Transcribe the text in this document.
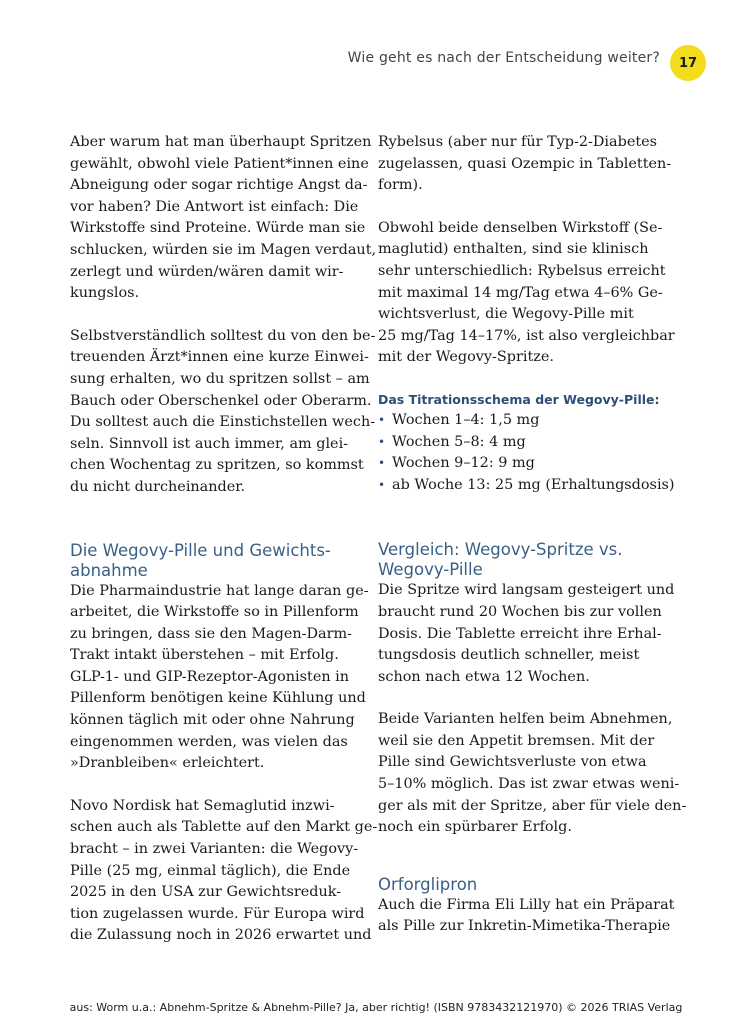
Wie geht es nach der Entscheidung weiter?	17

Aber warum hat man überhaupt Spritzen
gewählt, obwohl viele Patient*innen eine
Abneigung oder sogar richtige Angst da-
vor haben? Die Antwort ist einfach: Die
Wirkstoffe sind Proteine. Würde man sie
schlucken, würden sie im Magen verdaut,
zerlegt und würden/wären damit wir-
kungslos.

Selbstverständlich solltest du von den be-
treuenden Ärzt*innen eine kurze Einwei-
sung erhalten, wo du spritzen sollst – am
Bauch oder Oberschenkel oder Oberarm.
Du solltest auch die Einstichstellen wech-
seln. Sinnvoll ist auch immer, am glei-
chen Wochentag zu spritzen, so kommst
du nicht durcheinander.

Die Wegovy-Pille und Gewichts-
abnahme

Die Pharmaindustrie hat lange daran ge-
arbeitet, die Wirkstoffe so in Pillenform
zu bringen, dass sie den Magen-Darm-
Trakt intakt überstehen – mit Erfolg.
GLP-1- und GIP-Rezeptor-Agonisten in
Pillenform benötigen keine Kühlung und
können täglich mit oder ohne Nahrung
eingenommen werden, was vielen das
»Dranbleiben« erleichtert.

Novo Nordisk hat Semaglutid inzwi-
schen auch als Tablette auf den Markt ge-
bracht – in zwei Varianten: die Wegovy-
Pille (25 mg, einmal täglich), die Ende
2025 in den USA zur Gewichtsreduk-
tion zugelassen wurde. Für Europa wird
die Zulassung noch in 2026 erwartet und

Rybelsus (aber nur für Typ-2-Diabetes
zugelassen, quasi Ozempic in Tabletten-
form).

Obwohl beide denselben Wirkstoff (Se-
maglutid) enthalten, sind sie klinisch
sehr unterschiedlich: Rybelsus erreicht
mit maximal 14 mg/Tag etwa 4–6% Ge-
wichtsverlust, die Wegovy-Pille mit
25 mg/Tag 14–17%, ist also vergleichbar
mit der Wegovy-Spritze.

Das Titrationsschema der Wegovy-Pille:
• Wochen 1–4: 1,5 mg
• Wochen 5–8: 4 mg
• Wochen 9–12: 9 mg
• ab Woche 13: 25 mg (Erhaltungsdosis)
Vergleich: Wegovy-Spritze vs.
Wegovy-Pille

Die Spritze wird langsam gesteigert und
braucht rund 20 Wochen bis zur vollen
Dosis. Die Tablette erreicht ihre Erhal-
tungsdosis deutlich schneller, meist
schon nach etwa 12 Wochen.

Beide Varianten helfen beim Abnehmen,
weil sie den Appetit bremsen. Mit der
Pille sind Gewichtsverluste von etwa
5–10% möglich. Das ist zwar etwas weni-
ger als mit der Spritze, aber für viele den-
noch ein spürbarer Erfolg.

Orforglipron

Auch die Firma Eli Lilly hat ein Präparat
als Pille zur Inkretin-Mimetika-Therapie

aus: Worm u.a.: Abnehm-Spritze & Abnehm-Pille? Ja, aber richtig! (ISBN 9783432121970) © 2026 TRIAS Verlag
